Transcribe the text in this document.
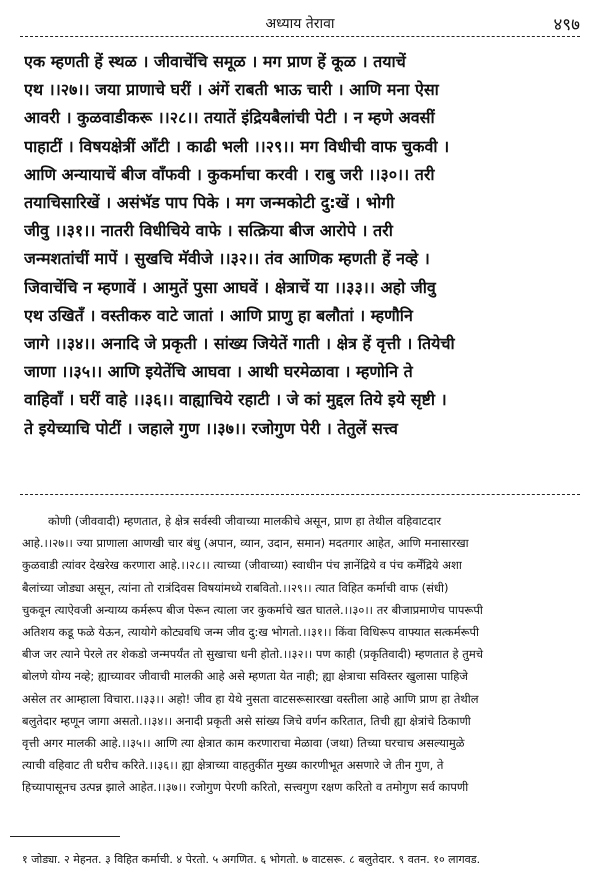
अध्याय तेरावा	४९७
एक म्हणती हें स्थळ । जीवाचेंचि समूळ । मग प्राण हें कूळ । तयाचें
एथ ।।२७।। जया प्राणाचे घरीं । अंगें राबती भाऊ चारी । आणि मना ऐसा
आवरी । कुळवाडीकरू ।।२८।। तयातें इंद्रियबैलांची पेटी । न म्हणे अवसीं
पाहाटीं । विषयक्षेत्रीं आँटी । काढी भली ।।२९।। मग विधीची वाफ चुकवी ।
आणि अन्यायाचें बीज वाँफवी । कुकर्माचा करवी । राबु जरी ।।३०।। तरी
तयाचिसारिखें । असंभॅड पाप पिके । मग जन्मकोटी दु:खें । भोगी
जीवु ।।३१।। नातरी विधीचिये वाफे । सत्क्रिया बीज आरोपे । तरी
जन्मशतांचीं मापें । सुखचि मॅवीजे ।।३२।। तंव आणिक म्हणती हें नव्हे ।
जिवाचेंचि न म्हणावें । आमुतें पुसा आघवें । क्षेत्राचें या ।।३३।। अहो जीवु
एथ उखितॅं । वस्तीकरु वाटे जातां । आणि प्राणु हा बलौतां । म्हणौनि
जागे ।।३४।। अनादि जे प्रकृती । सांख्य जियेतें गाती । क्षेत्र हें वृत्ती । तियेची
जाणा ।।३५।। आणि इयेतेंचि आघवा । आथी घरमेळावा । म्हणोनि ते
वाहिवाँ । घरीं वाहे ।।३६।। वाह्याचिये रहाटी । जे कां मुद्दल तिये इये सृष्टी ।
ते इयेच्याचि पोटीं । जहाले गुण ।।३७।। रजोगुण पेरी । तेतुलें सत्त्व
कोणी (जीववादी) म्हणतात, हे क्षेत्र सर्वस्वी जीवाच्या मालकीचे असून, प्राण हा तेथील वहिवाटदार
आहे.।।२७।। ज्या प्राणाला आणखी चार बंधु (अपान, व्यान, उदान, समान) मदतगार आहेत, आणि मनासारखा
कुळवाडी त्यांवर देखरेख करणारा आहे.।।२८।। त्याच्या (जीवाच्या) स्वाधीन पंच ज्ञानेंद्रिये व पंच कर्मेंद्रिये अशा
बैलांच्या जोड्या असून, त्यांना तो रात्रंदिवस विषयांमध्ये राबवितो.।।२९।। त्यात विहित कर्माची वाफ (संधी)
चुकवून त्याऐवजी अन्याय्य कर्मरूप बीज पेरून त्याला जर कुकर्माचे खत घातले.।।३०।। तर बीजाप्रमाणेच पापरूपी
अतिशय कडू फळे येऊन, त्यायोगे कोट्यवधि जन्म जीव दु:ख भोगतो.।।३१।। किंवा विधिरूप वाफ्यात सत्कर्मरूपी
बीज जर त्याने पेरले तर शेकडो जन्मपर्यंत तो सुखाचा धनी होतो.।।३२।। पण काही (प्रकृतिवादी) म्हणतात हे तुमचे
बोलणे योग्य नव्हे; ह्याच्यावर जीवाची मालकी आहे असे म्हणता येत नाही; ह्या क्षेत्राचा सविस्तर खुलासा पाहिजे
असेल तर आम्हाला विचारा.।।३३।। अहो! जीव हा येथे नुसता वाटसरूसारखा वस्तीला आहे आणि प्राण हा तेथील
बलुतेदार म्हणून जागा असतो.।।३४।। अनादी प्रकृती असे सांख्य जिचे वर्णन करितात, तिची ह्या क्षेत्रांचे ठिकाणी
वृत्ती अगर मालकी आहे.।।३५।। आणि त्या क्षेत्रात काम करणाराचा मेळावा (जथा) तिच्या घरचाच असल्यामुळे
त्याची वहिवाट ती घरीच करिते.।।३६।। ह्या क्षेत्राच्या वाहतुकींत मुख्य कारणीभूत असणारे जे तीन गुण, ते
हिच्यापासूनच उत्पन्न झाले आहेत.।।३७।। रजोगुण पेरणी करितो, सत्त्वगुण रक्षण करितो व तमोगुण सर्व कापणी
१ जोड्या. २ मेहनत. ३ विहित कर्माची. ४ पेरतो. ५ अगणित. ६ भोगतो. ७ वाटसरू. ८ बलुतेदार. ९ वतन. १० लागवड.
